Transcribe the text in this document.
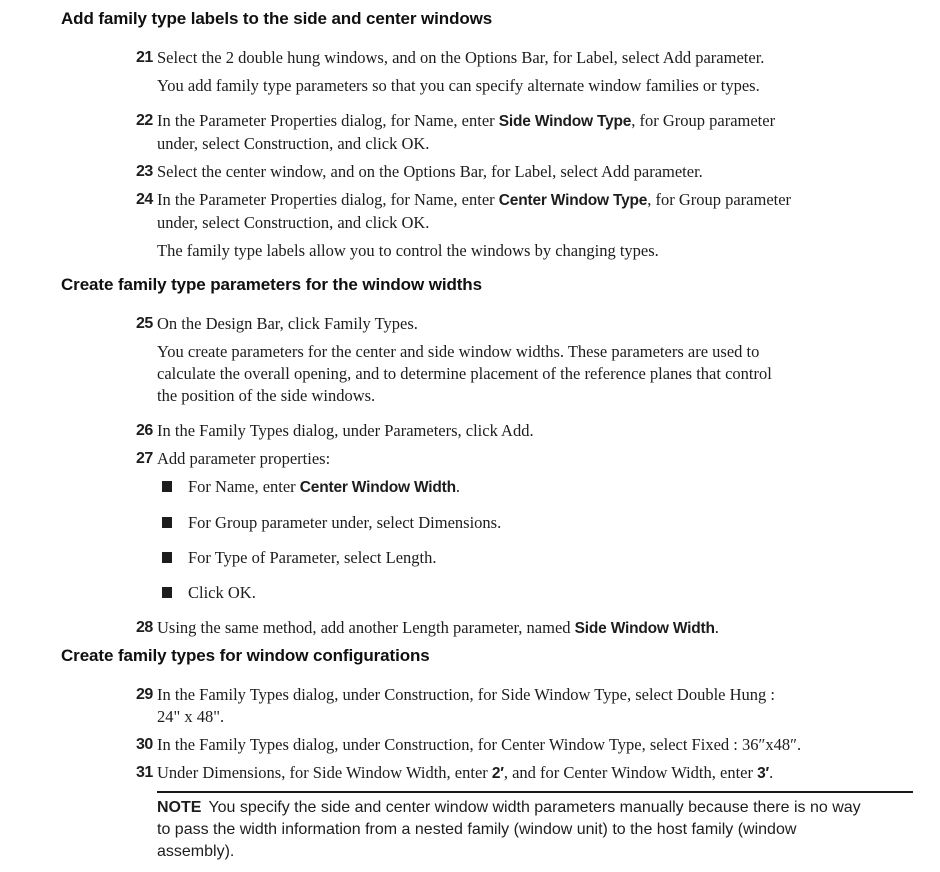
Add family type labels to the side and center windows
21 Select the 2 double hung windows, and on the Options Bar, for Label, select Add parameter.
You add family type parameters so that you can specify alternate window families or types.
22 In the Parameter Properties dialog, for Name, enter Side Window Type, for Group parameter
under, select Construction, and click OK.
23 Select the center window, and on the Options Bar, for Label, select Add parameter.
24 In the Parameter Properties dialog, for Name, enter Center Window Type, for Group parameter
under, select Construction, and click OK.
The family type labels allow you to control the windows by changing types.
Create family type parameters for the window widths
25 On the Design Bar, click Family Types.
You create parameters for the center and side window widths. These parameters are used to
calculate the overall opening, and to determine placement of the reference planes that control
the position of the side windows.
26 In the Family Types dialog, under Parameters, click Add.
27 Add parameter properties:
For Name, enter Center Window Width.
For Group parameter under, select Dimensions.
For Type of Parameter, select Length.
Click OK.
28 Using the same method, add another Length parameter, named Side Window Width.
Create family types for window configurations
29 In the Family Types dialog, under Construction, for Side Window Type, select Double Hung :
24" x 48".
30 In the Family Types dialog, under Construction, for Center Window Type, select Fixed : 36″x48″.
31 Under Dimensions, for Side Window Width, enter 2′, and for Center Window Width, enter 3′.
NOTE You specify the side and center window width parameters manually because there is no way
to pass the width information from a nested family (window unit) to the host family (window
assembly).
